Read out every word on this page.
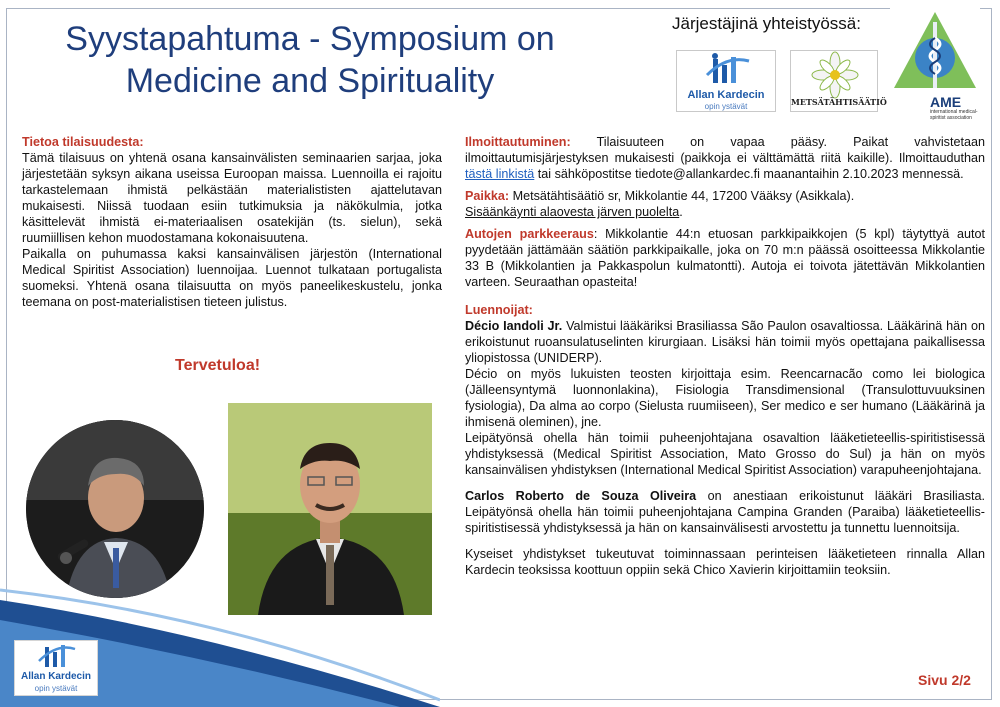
Syystapahtuma - Symposium on
Medicine and Spirituality
Järjestäjinä yhteistyössä:
Allan Kardecin
opin ystävät	METSÄTÄHTISÄÄTIÖ	AME
international medical-spiritist association

Tietoa tilaisuudesta:

Tämä tilaisuus on yhtenä osana kansainvälisten seminaarien sarjaa, joka järjestetään syksyn aikana useissa Euroopan maissa. Luennoilla ei rajoitu tarkastelemaan ihmistä pelkästään materialististen ajattelutavan mukaisesti. Niissä tuodaan esiin tutkimuksia ja näkökulmia, jotka käsittelevät ihmistä ei-materiaalisen osatekijän (ts. sielun), sekä ruumiillisen kehon muodostamana kokonaisuutena.

Paikalla on puhumassa kaksi kansainvälisen järjestön (International Medical Spiritist Association) luennoijaa. Luennot tulkataan portugalista suomeksi. Yhtenä osana tilaisuutta on myös paneelikeskustelu, jonka teemana on post-materialistisen tieteen julistus.

Tervetuloa!
Allan Kardecin
opin ystävät

Ilmoittautuminen: Tilaisuuteen on vapaa pääsy. Paikat vahvistetaan ilmoittautumisjärjestyksen mukaisesti (paikkoja ei välttämättä riitä kaikille). Ilmoittauduthan tästä linkistä tai sähköpostitse tiedote@allankardec.fi maanantaihin 2.10.2023 mennessä.

Paikka: Metsätähtisäätiö sr, Mikkolantie 44, 17200 Vääksy (Asikkala).
Sisäänkäynti alaovesta järven puolelta.

Autojen parkkeeraus: Mikkolantie 44:n etuosan parkkipaikkojen (5 kpl) täytyttyä autot pyydetään jättämään säätiön parkkipaikalle, joka on 70 m:n päässä osoitteessa Mikkolantie 33 B (Mikkolantien ja Pakkaspolun kulmatontti). Autoja ei toivota jätettävän Mikkolantien varteen. Seuraathan opasteita!

Luennoijat:

Décio Iandoli Jr. Valmistui lääkäriksi Brasiliassa São Paulon osavaltiossa. Lääkärinä hän on erikoistunut ruoansulatuselinten kirurgiaan. Lisäksi hän toimii myös opettajana paikallisessa yliopistossa (UNIDERP).

Décio on myös lukuisten teosten kirjoittaja esim. Reencarnacão como lei biologica (Jälleensyntymä luonnonlakina), Fisiologia Transdimensional (Transulottuvuuksinen fysiologia), Da alma ao corpo (Sielusta ruumiiseen), Ser medico e ser humano (Lääkärinä ja ihmisenä oleminen), jne.

Leipätyönsä ohella hän toimii puheenjohtajana osavaltion lääketieteellis-spiritistisessä yhdistyksessä (Medical Spiritist Association, Mato Grosso do Sul) ja hän on myös kansainvälisen yhdistyksen (International Medical Spiritist Association) varapuheenjohtajana.

Carlos Roberto de Souza Oliveira on anestiaan erikoistunut lääkäri Brasiliasta. Leipätyönsä ohella hän toimii puheenjohtajana Campina Granden (Paraiba) lääketieteellis-spiritistisessä yhdistyksessä ja hän on kansainvälisesti arvostettu ja tunnettu luennoitsija.

Kyseiset yhdistykset tukeutuvat toiminnassaan perinteisen lääketieteen rinnalla Allan Kardecin teoksissa koottuun oppiin sekä Chico Xavierin kirjoittamiin teoksiin.

Sivu 2/2
